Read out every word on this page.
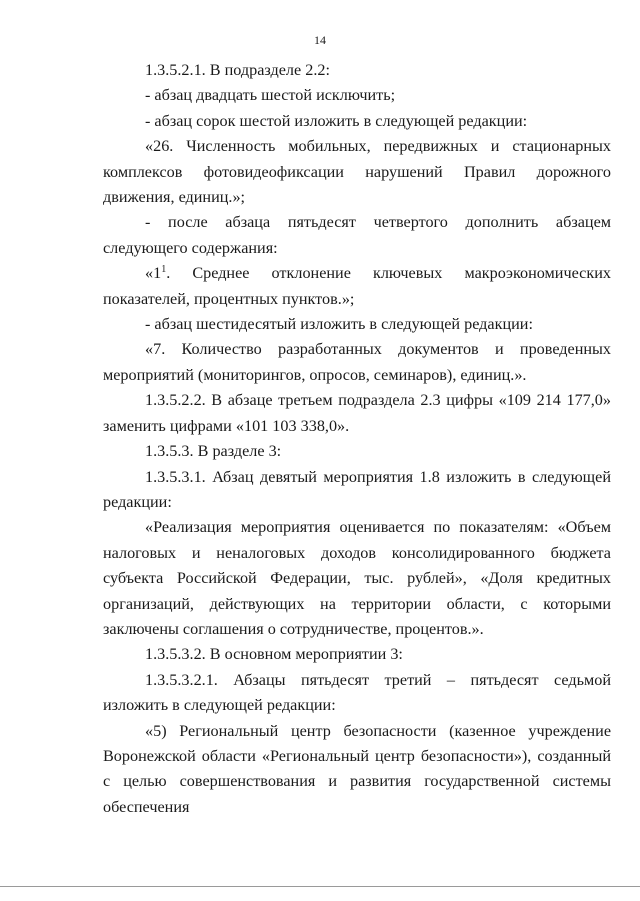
14

1.3.5.2.1. В подразделе 2.2:

- абзац двадцать шестой исключить;

- абзац сорок шестой изложить в следующей редакции:

«26. Численность мобильных, передвижных и стационарных комплексов фотовидеофиксации нарушений Правил дорожного движения, единиц.»;

- после абзаца пятьдесят четвертого дополнить абзацем следующего содержания:

«$1^1$. Среднее отклонение ключевых макроэкономических показателей, процентных пунктов.»;

- абзац шестидесятый изложить в следующей редакции:

«7. Количество разработанных документов и проведенных мероприятий (мониторингов, опросов, семинаров), единиц.».

1.3.5.2.2. В абзаце третьем подраздела 2.3 цифры «109 214 177,0» заменить цифрами «101 103 338,0».

1.3.5.3. В разделе 3:

1.3.5.3.1. Абзац девятый мероприятия 1.8 изложить в следующей редакции:

«Реализация мероприятия оценивается по показателям: «Объем налоговых и неналоговых доходов консолидированного бюджета субъекта Российской Федерации, тыс. рублей», «Доля кредитных организаций, действующих на территории области, с которыми заключены соглашения о сотрудничестве, процентов.».

1.3.5.3.2. В основном мероприятии 3:

1.3.5.3.2.1. Абзацы пятьдесят третий – пятьдесят седьмой изложить в следующей редакции:

«5) Региональный центр безопасности (казенное учреждение Воронежской области «Региональный центр безопасности»), созданный с целью совершенствования и развития государственной системы обеспечения
